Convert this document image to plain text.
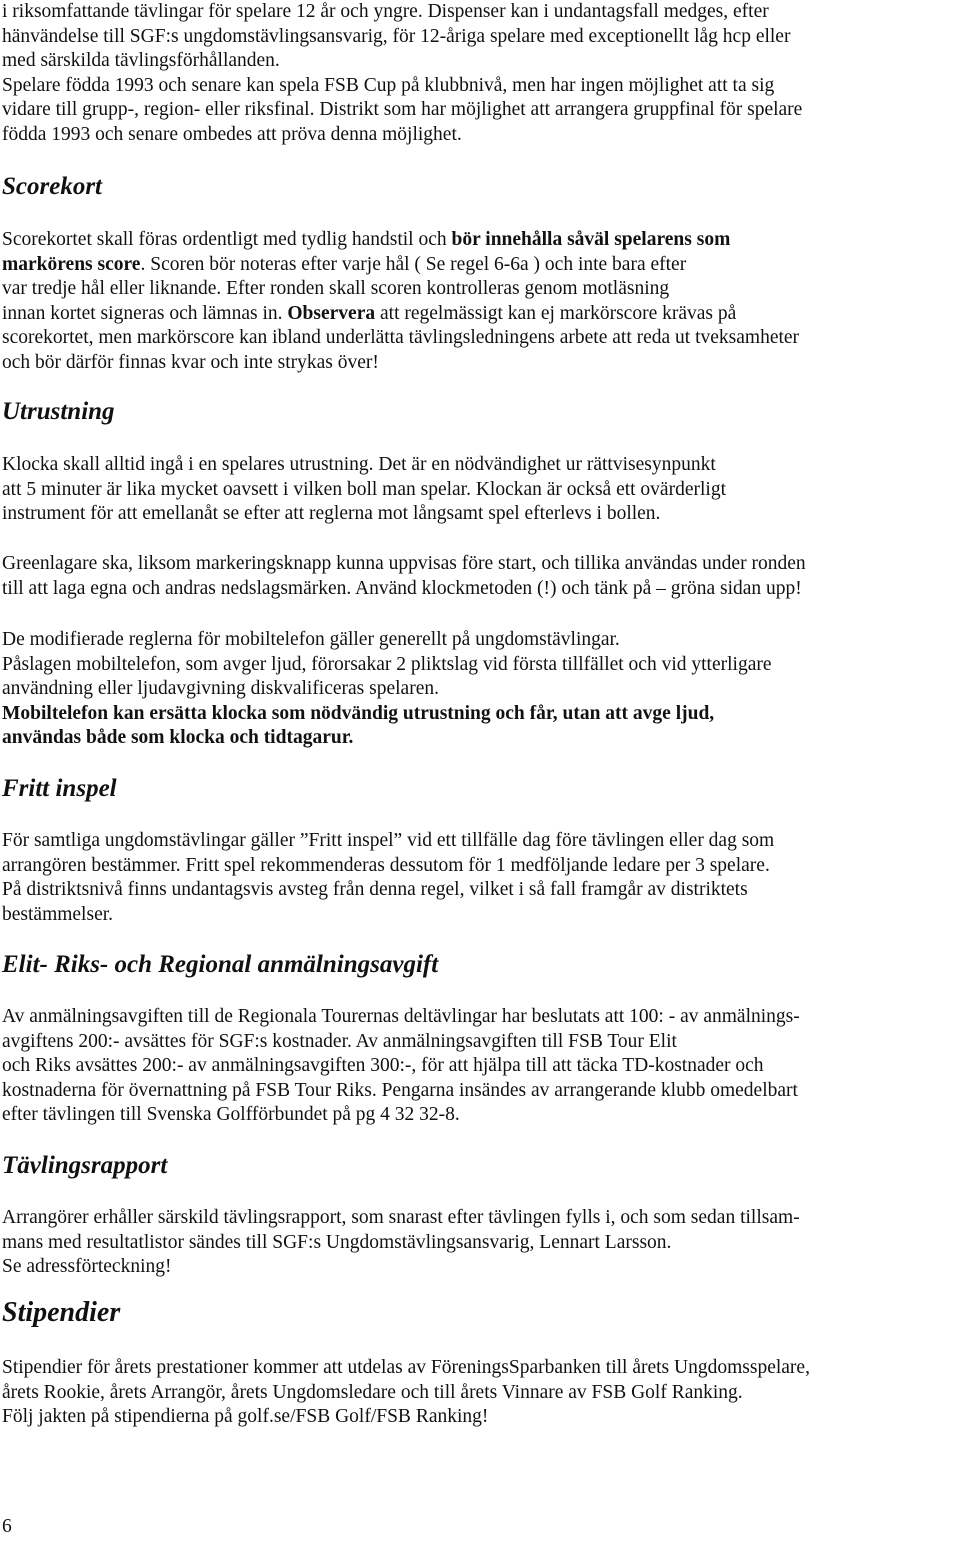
i riksomfattande tävlingar för spelare 12 år och yngre. Dispenser kan i undantagsfall medges, efter
hänvändelse till SGF:s ungdomstävlingsansvarig, för 12-åriga spelare med exceptionellt låg hcp eller
med särskilda tävlingsförhållanden.
Spelare födda 1993 och senare kan spela FSB Cup på klubbnivå, men har ingen möjlighet att ta sig
vidare till grupp-, region- eller riksfinal. Distrikt som har möjlighet att arrangera gruppfinal för spelare
födda 1993 och senare ombedes att pröva denna möjlighet.
Scorekort
Scorekortet skall föras ordentligt med tydlig handstil och bör innehålla såväl spelarens som
markörens score. Scoren bör noteras efter varje hål ( Se regel 6-6a ) och inte bara efter
var tredje hål eller liknande. Efter ronden skall scoren kontrolleras genom motläsning
innan kortet signeras och lämnas in. Observera att regelmässigt kan ej markörscore krävas på
scorekortet, men markörscore kan ibland underlätta tävlingsledningens arbete att reda ut tveksamheter
och bör därför finnas kvar och inte strykas över!
Utrustning
Klocka skall alltid ingå i en spelares utrustning. Det är en nödvändighet ur rättvisesynpunkt
att 5 minuter är lika mycket oavsett i vilken boll man spelar. Klockan är också ett ovärderligt
instrument för att emellanåt se efter att reglerna mot långsamt spel efterlevs i bollen.
Greenlagare ska, liksom markeringsknapp kunna uppvisas före start, och tillika användas under ronden
till att laga egna och andras nedslagsmärken. Använd klockmetoden (!) och tänk på – gröna sidan upp!
De modifierade reglerna för mobiltelefon gäller generellt på ungdomstävlingar.
Påslagen mobiltelefon, som avger ljud, förorsakar 2 pliktslag vid första tillfället och vid ytterligare
användning eller ljudavgivning diskvalificeras spelaren.
Mobiltelefon kan ersätta klocka som nödvändig utrustning och får, utan att avge ljud,
användas både som klocka och tidtagarur.
Fritt inspel
För samtliga ungdomstävlingar gäller ”Fritt inspel” vid ett tillfälle dag före tävlingen eller dag som
arrangören bestämmer. Fritt spel rekommenderas dessutom för 1 medföljande ledare per 3 spelare.
På distriktsnivå finns undantagsvis avsteg från denna regel, vilket i så fall framgår av distriktets
bestämmelser.
Elit- Riks- och Regional anmälningsavgift
Av anmälningsavgiften till de Regionala Tourernas deltävlingar har beslutats att 100: - av anmälnings-
avgiftens 200:- avsättes för SGF:s kostnader. Av anmälningsavgiften till FSB Tour Elit
och Riks avsättes 200:- av anmälningsavgiften 300:-, för att hjälpa till att täcka TD-kostnader och
kostnaderna för övernattning på FSB Tour Riks. Pengarna insändes av arrangerande klubb omedelbart
efter tävlingen till Svenska Golfförbundet på pg 4 32 32-8.
Tävlingsrapport
Arrangörer erhåller särskild tävlingsrapport, som snarast efter tävlingen fylls i, och som sedan tillsam-
mans med resultatlistor sändes till SGF:s Ungdomstävlingsansvarig, Lennart Larsson.
Se adressförteckning!
Stipendier
Stipendier för årets prestationer kommer att utdelas av FöreningsSparbanken till årets Ungdomsspelare,
årets Rookie, årets Arrangör, årets Ungdomsledare och till årets Vinnare av FSB Golf Ranking.
Följ jakten på stipendierna på golf.se/FSB Golf/FSB Ranking!
6
